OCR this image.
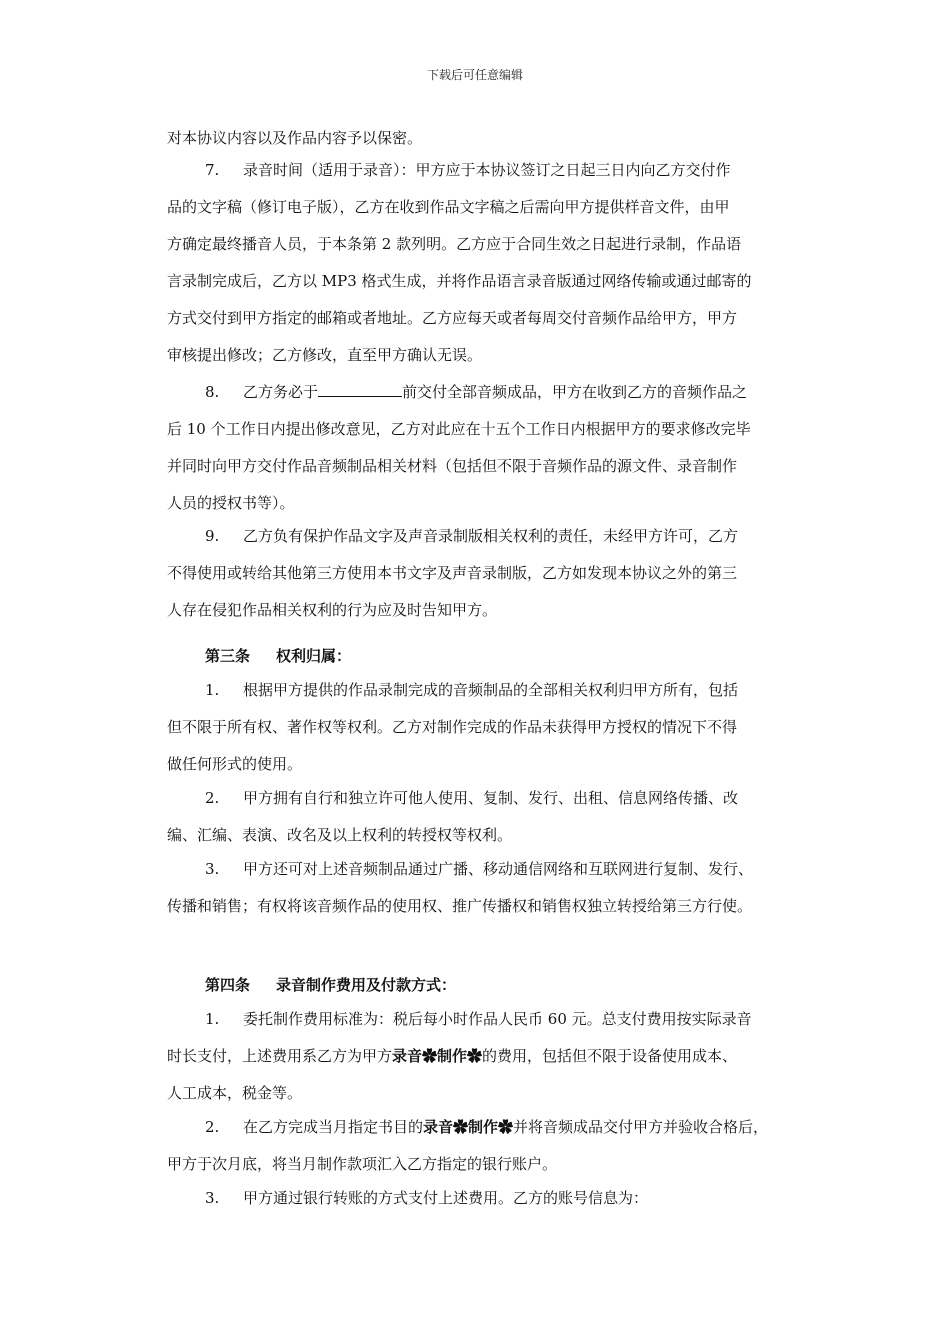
下载后可任意编辑
对本协议内容以及作品内容予以保密。
7. 录音时间（适用于录音）：甲方应于本协议签订之日起三日内向乙方交付作
品的文字稿（修订电子版），乙方在收到作品文字稿之后需向甲方提供样音文件，由甲
方确定最终播音人员，于本条第 2 款列明。乙方应于合同生效之日起进行录制，作品语
言录制完成后，乙方以 MP3 格式生成，并将作品语言录音版通过网络传输或通过邮寄的
方式交付到甲方指定的邮箱或者地址。乙方应每天或者每周交付音频作品给甲方，甲方
审核提出修改；乙方修改，直至甲方确认无误。
8. 乙方务必于	前交付全部音频成品，甲方在收到乙方的音频作品之
后 10 个工作日内提出修改意见，乙方对此应在十五个工作日内根据甲方的要求修改完毕
并同时向甲方交付作品音频制品相关材料（包括但不限于音频作品的源文件、录音制作
人员的授权书等）。
9. 乙方负有保护作品文字及声音录制版相关权利的责任，未经甲方许可，乙方
不得使用或转给其他第三方使用本书文字及声音录制版，乙方如发现本协议之外的第三
人存在侵犯作品相关权利的行为应及时告知甲方。
第三条 权利归属：
1. 根据甲方提供的作品录制完成的音频制品的全部相关权利归甲方所有，包括
但不限于所有权、著作权等权利。乙方对制作完成的作品未获得甲方授权的情况下不得
做任何形式的使用。
2. 甲方拥有自行和独立许可他人使用、复制、发行、出租、信息网络传播、改
编、汇编、表演、改名及以上权利的转授权等权利。
3. 甲方还可对上述音频制品通过广播、移动通信网络和互联网进行复制、发行、
传播和销售；有权将该音频作品的使用权、推广传播权和销售权独立转授给第三方行使。
第四条 录音制作费用及付款方式：
1. 委托制作费用标准为：税后每小时作品人民币 60 元。总支付费用按实际录音
时长支付，上述费用系乙方为甲方录音✿制作✿的费用，包括但不限于设备使用成本、
人工成本，税金等。
2. 在乙方完成当月指定书目的录音✿制作✿并将音频成品交付甲方并验收合格后，
甲方于次月底，将当月制作款项汇入乙方指定的银行账户。
3. 甲方通过银行转账的方式支付上述费用。乙方的账号信息为：
